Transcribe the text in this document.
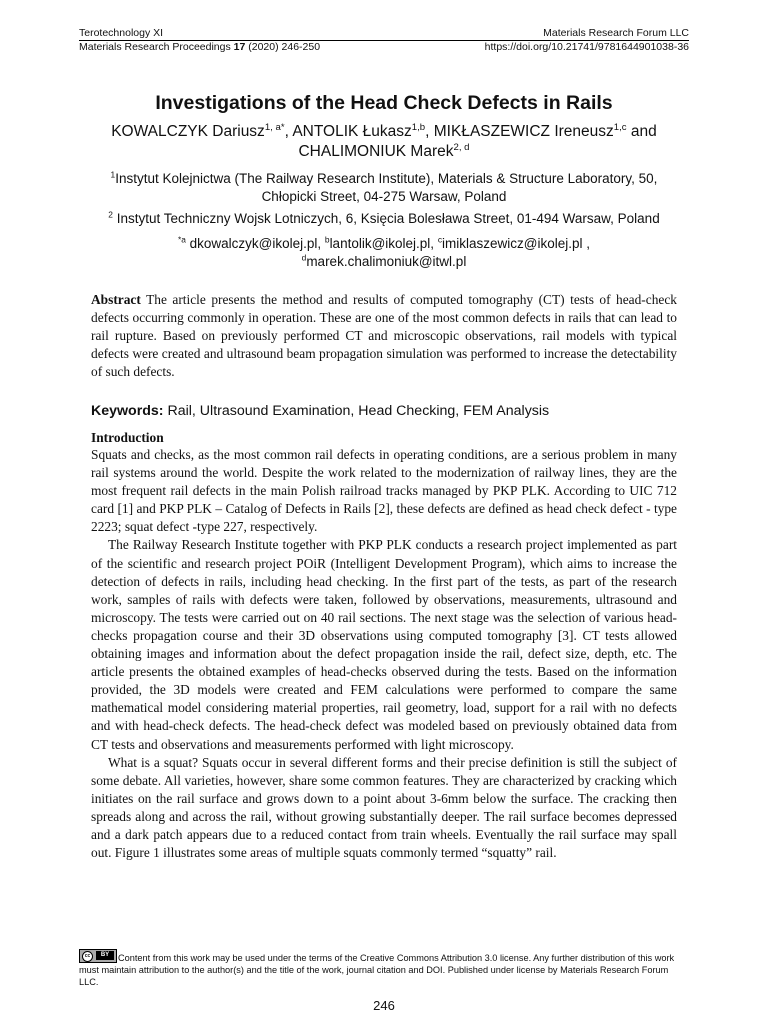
Terotechnology XI	Materials Research Forum LLC
Materials Research Proceedings 17 (2020) 246-250	https://doi.org/10.21741/9781644901038-36
Investigations of the Head Check Defects in Rails
KOWALCZYK Dariusz$^{1, a*}$, ANTOLIK Łukasz$^{1,b}$, MIKŁASZEWICZ Ireneusz$^{1,c}$ and
CHALIMONIUK Marek$^{2, d}$
$^1$Instytut Kolejnictwa (The Railway Research Institute), Materials & Structure Laboratory, 50,
Chłopicki Street, 04-275 Warsaw, Poland
$^2$ Instytut Techniczny Wojsk Lotniczych, 6, Księcia Bolesława Street, 01-494 Warsaw, Poland
$^{*a}$ dkowalczyk@ikolej.pl, $^b$lantolik@ikolej.pl, $^c$imiklaszewicz@ikolej.pl ,
$^d$marek.chalimoniuk@itwl.pl
Abstract The article presents the method and results of computed tomography (CT) tests of head-check defects occurring commonly in operation. These are one of the most common defects in rails that can lead to rail rupture. Based on previously performed CT and microscopic observations, rail models with typical defects were created and ultrasound beam propagation simulation was performed to increase the detectability of such defects.
Keywords: Rail, Ultrasound Examination, Head Checking, FEM Analysis
Introduction

Squats and checks, as the most common rail defects in operating conditions, are a serious problem in many rail systems around the world. Despite the work related to the modernization of railway lines, they are the most frequent rail defects in the main Polish railroad tracks managed by PKP PLK. According to UIC 712 card [1] and PKP PLK – Catalog of Defects in Rails [2], these defects are defined as head check defect - type 2223; squat defect -type 227, respectively.

The Railway Research Institute together with PKP PLK conducts a research project implemented as part of the scientific and research project POiR (Intelligent Development Program), which aims to increase the detection of defects in rails, including head checking. In the first part of the tests, as part of the research work, samples of rails with defects were taken, followed by observations, measurements, ultrasound and microscopy. The tests were carried out on 40 rail sections. The next stage was the selection of various head-checks propagation course and their 3D observations using computed tomography [3]. CT tests allowed obtaining images and information about the defect propagation inside the rail, defect size, depth, etc. The article presents the obtained examples of head-checks observed during the tests. Based on the information provided, the 3D models were created and FEM calculations were performed to compare the same mathematical model considering material properties, rail geometry, load, support for a rail with no defects and with head-check defects. The head-check defect was modeled based on previously obtained data from CT tests and observations and measurements performed with light microscopy.

What is a squat? Squats occur in several different forms and their precise definition is still the subject of some debate. All varieties, however, share some common features. They are characterized by cracking which initiates on the rail surface and grows down to a point about 3-6mm below the surface. The cracking then spreads along and across the rail, without growing substantially deeper. The rail surface becomes depressed and a dark patch appears due to a reduced contact from train wheels. Eventually the rail surface may spall out. Figure 1 illustrates some areas of multiple squats commonly termed “squatty” rail.

cc	BY Content from this work may be used under the terms of the Creative Commons Attribution 3.0 license. Any further distribution of this work must maintain attribution to the author(s) and the title of the work, journal citation and DOI. Published under license by Materials Research Forum LLC.
246
